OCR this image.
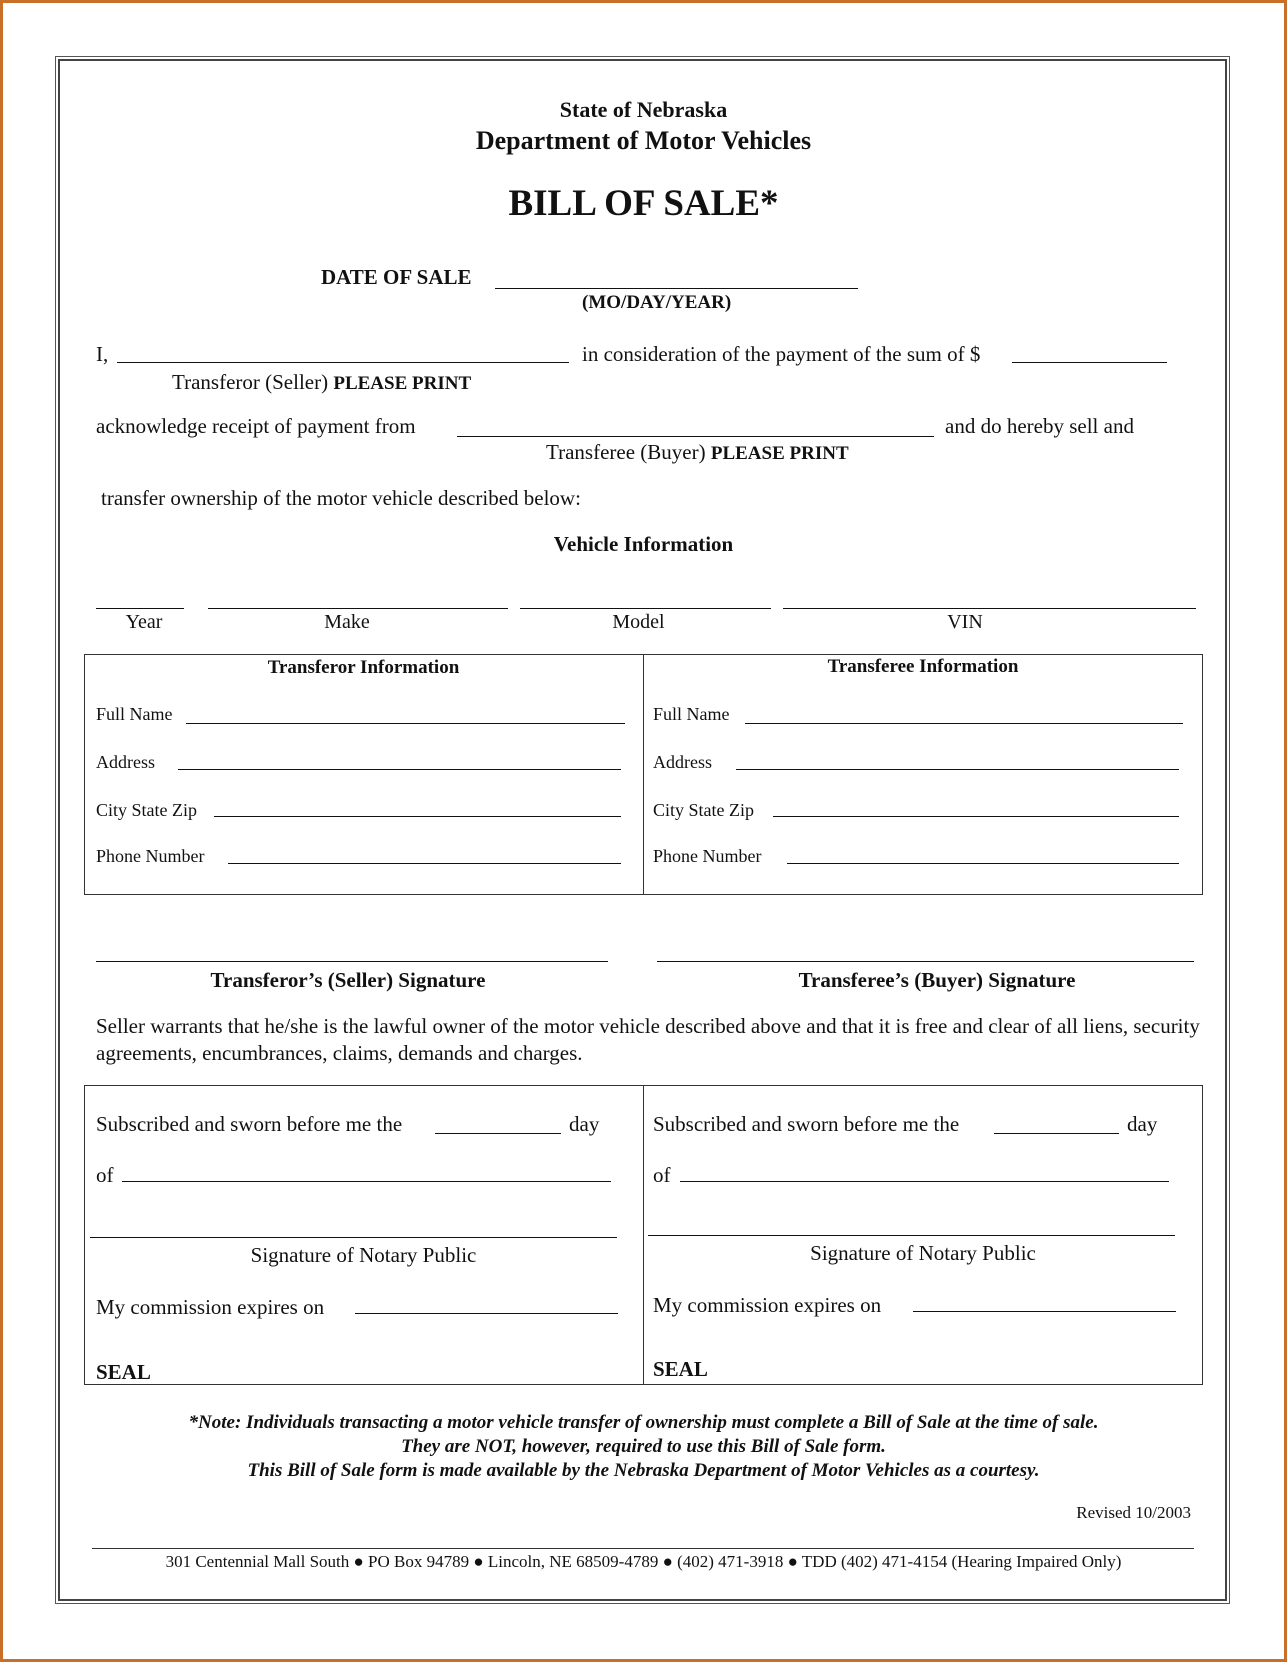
State of Nebraska
Department of Motor Vehicles
BILL OF SALE*
DATE OF SALE
(MO/DAY/YEAR)
I,	in consideration of the payment of the sum of $
Transferor (Seller) PLEASE PRINT
acknowledge receipt of payment from	and do hereby sell and
Transferee (Buyer) PLEASE PRINT
transfer ownership of the motor vehicle described below:
Vehicle Information
Year	Make	Model	VIN
Transferor Information	Transferee Information
Full Name
Address
City State Zip
Phone Number
Full Name
Address
City State Zip
Phone Number
Transferor’s (Seller) Signature	Transferee’s (Buyer) Signature
Seller warrants that he/she is the lawful owner of the motor vehicle described above and that it is free and clear of all liens, security agreements, encumbrances, claims, demands and charges.
Subscribed and sworn before me the	day
of
Signature of Notary Public
My commission expires on
SEAL
Subscribed and sworn before me the	day
of
Signature of Notary Public
My commission expires on
SEAL
*Note: Individuals transacting a motor vehicle transfer of ownership must complete a Bill of Sale at the time of sale.
They are NOT, however, required to use this Bill of Sale form.
This Bill of Sale form is made available by the Nebraska Department of Motor Vehicles as a courtesy.
Revised 10/2003
301 Centennial Mall South ● PO Box 94789 ● Lincoln, NE 68509-4789 ● (402) 471-3918 ● TDD (402) 471-4154 (Hearing Impaired Only)
